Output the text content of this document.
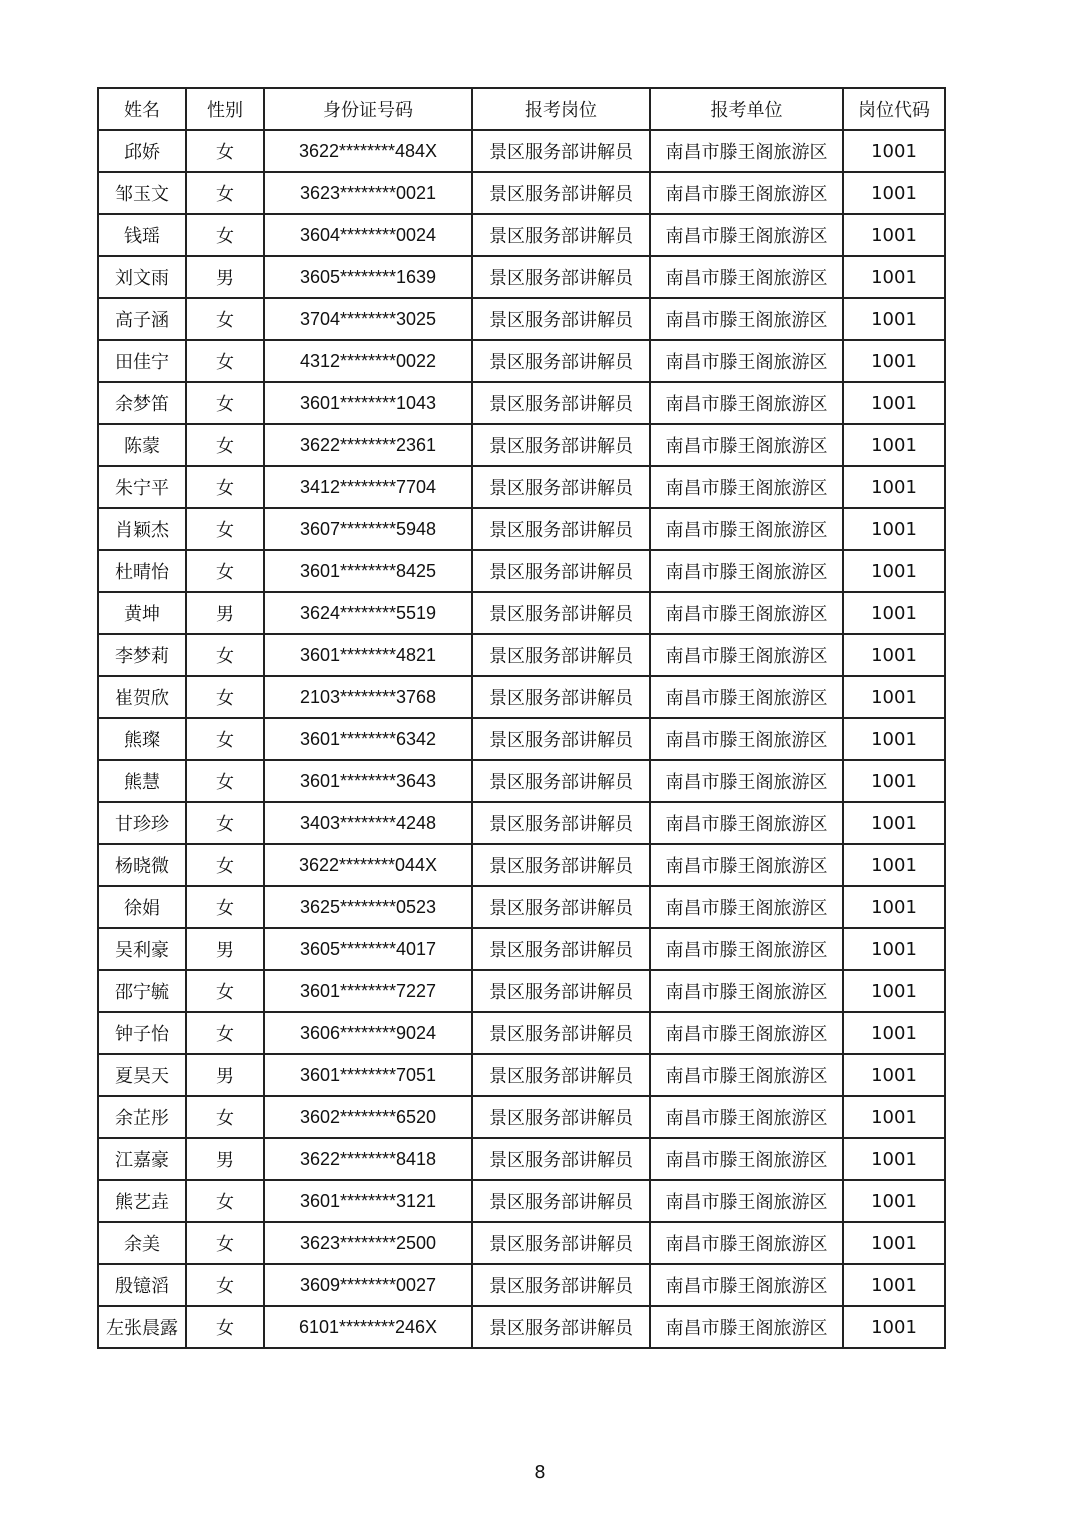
姓名	性别	身份证号码	报考岗位	报考单位	岗位代码
邱娇	女	3622********484X	景区服务部讲解员	南昌市滕王阁旅游区	1001
邹玉文	女	3623********0021	景区服务部讲解员	南昌市滕王阁旅游区	1001
钱瑶	女	3604********0024	景区服务部讲解员	南昌市滕王阁旅游区	1001
刘文雨	男	3605********1639	景区服务部讲解员	南昌市滕王阁旅游区	1001
高子涵	女	3704********3025	景区服务部讲解员	南昌市滕王阁旅游区	1001
田佳宁	女	4312********0022	景区服务部讲解员	南昌市滕王阁旅游区	1001
余梦笛	女	3601********1043	景区服务部讲解员	南昌市滕王阁旅游区	1001
陈蒙	女	3622********2361	景区服务部讲解员	南昌市滕王阁旅游区	1001
朱宁平	女	3412********7704	景区服务部讲解员	南昌市滕王阁旅游区	1001
肖颖杰	女	3607********5948	景区服务部讲解员	南昌市滕王阁旅游区	1001
杜晴怡	女	3601********8425	景区服务部讲解员	南昌市滕王阁旅游区	1001
黄坤	男	3624********5519	景区服务部讲解员	南昌市滕王阁旅游区	1001
李梦莉	女	3601********4821	景区服务部讲解员	南昌市滕王阁旅游区	1001
崔贺欣	女	2103********3768	景区服务部讲解员	南昌市滕王阁旅游区	1001
熊璨	女	3601********6342	景区服务部讲解员	南昌市滕王阁旅游区	1001
熊慧	女	3601********3643	景区服务部讲解员	南昌市滕王阁旅游区	1001
甘珍珍	女	3403********4248	景区服务部讲解员	南昌市滕王阁旅游区	1001
杨晓微	女	3622********044X	景区服务部讲解员	南昌市滕王阁旅游区	1001
徐娟	女	3625********0523	景区服务部讲解员	南昌市滕王阁旅游区	1001
吴利豪	男	3605********4017	景区服务部讲解员	南昌市滕王阁旅游区	1001
邵宁毓	女	3601********7227	景区服务部讲解员	南昌市滕王阁旅游区	1001
钟子怡	女	3606********9024	景区服务部讲解员	南昌市滕王阁旅游区	1001
夏昊天	男	3601********7051	景区服务部讲解员	南昌市滕王阁旅游区	1001
余芷彤	女	3602********6520	景区服务部讲解员	南昌市滕王阁旅游区	1001
江嘉豪	男	3622********8418	景区服务部讲解员	南昌市滕王阁旅游区	1001
熊艺垚	女	3601********3121	景区服务部讲解员	南昌市滕王阁旅游区	1001
余美	女	3623********2500	景区服务部讲解员	南昌市滕王阁旅游区	1001
殷镱滔	女	3609********0027	景区服务部讲解员	南昌市滕王阁旅游区	1001
左张晨露	女	6101********246X	景区服务部讲解员	南昌市滕王阁旅游区	1001
8
